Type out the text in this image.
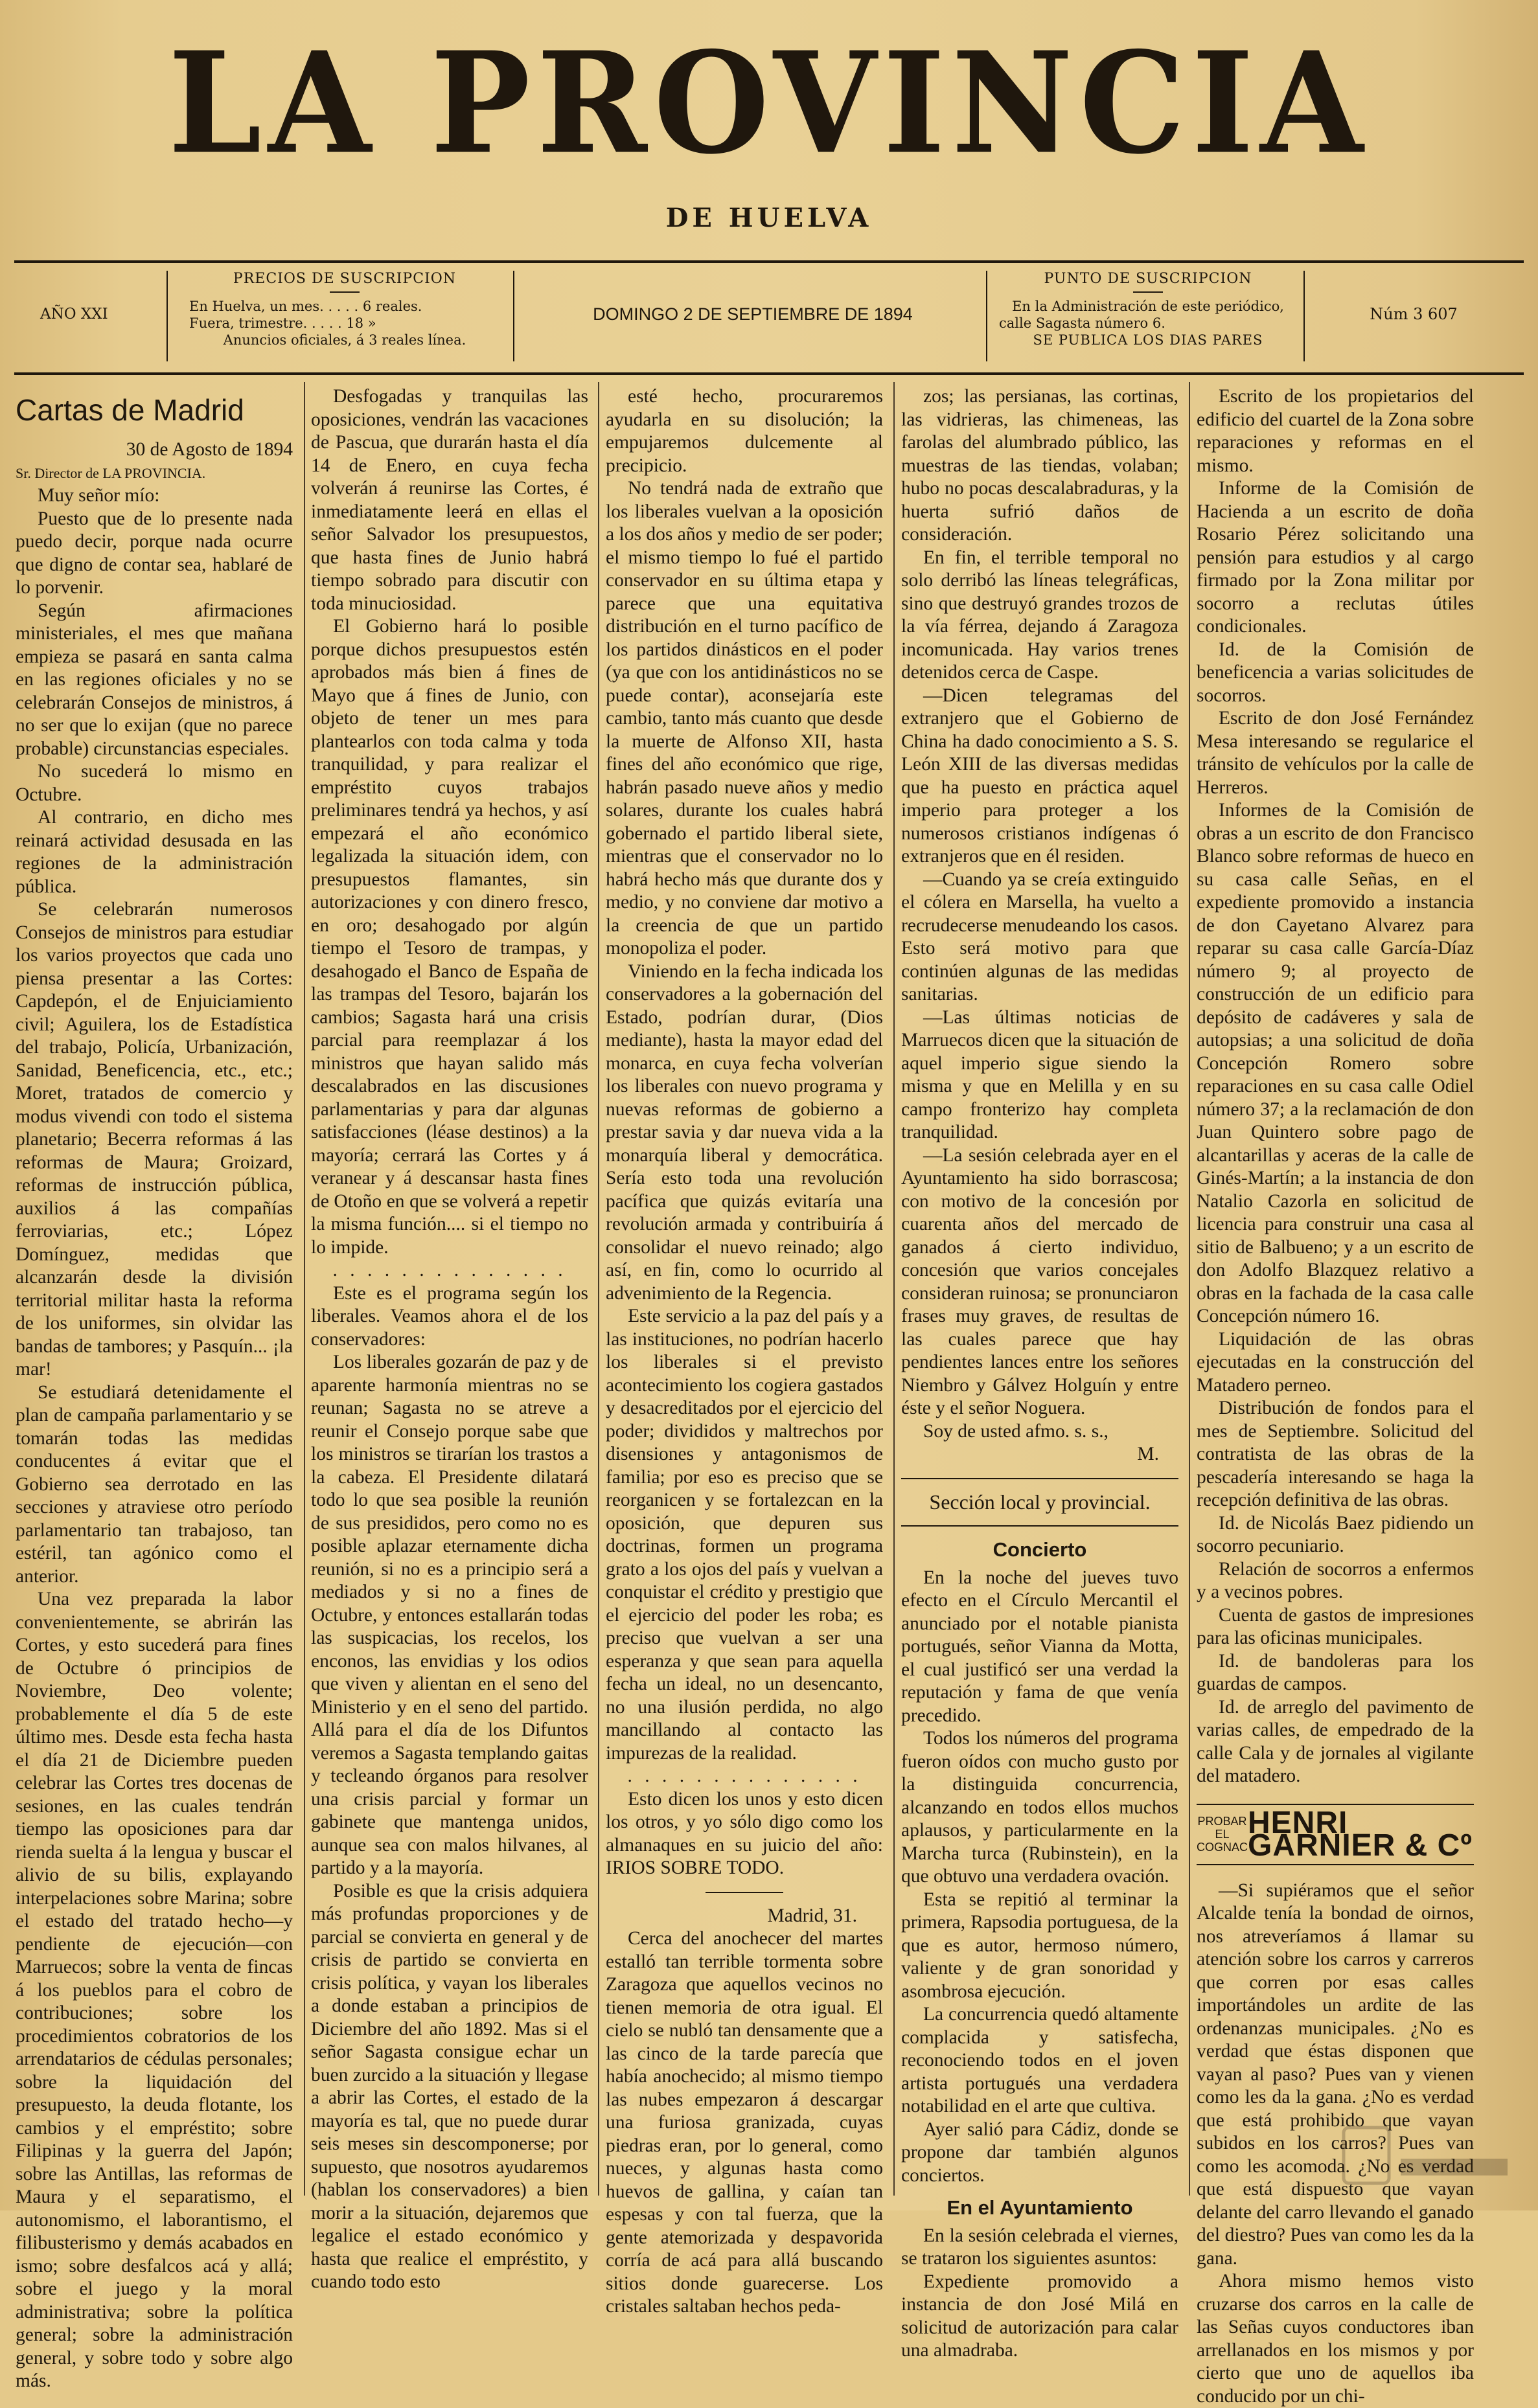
LA PROVINCIA
DE HUELVA
AÑO XXI
PRECIOS DE SUSCRIPCION
En Huelva, un mes. . . . . 6 reales.
Fuera, trimestre. . . . . 18 »
Anuncios oficiales, á 3 reales línea.
DOMINGO 2 DE SEPTIEMBRE DE 1894
PUNTO DE SUSCRIPCION
En la Administración de este periódico,
calle Sagasta número 6.
SE PUBLICA LOS DIAS PARES
Núm 3 607
Cartas de Madrid

30 de Agosto de 1894

Sr. Director de LA PROVINCIA.

Muy señor mío:

Puesto que de lo presente nada puedo decir, porque nada ocurre que digno de contar sea, hablaré de lo porvenir.

Según afirmaciones ministeriales, el mes que mañana empieza se pasará en santa calma en las regiones oficiales y no se celebrarán Consejos de ministros, á no ser que lo exijan (que no parece probable) circunstancias especiales.

No sucederá lo mismo en Octubre.

Al contrario, en dicho mes reinará actividad desusada en las regiones de la administración pública.

Se celebrarán numerosos Consejos de ministros para estudiar los varios proyectos que cada uno piensa presentar a las Cortes: Capdepón, el de Enjuiciamiento civil; Aguilera, los de Estadística del trabajo, Policía, Urbanización, Sanidad, Beneficencia, etc., etc.; Moret, tratados de comercio y modus vivendi con todo el sistema planetario; Becerra reformas á las reformas de Maura; Groizard, reformas de instrucción pública, auxilios á las compañías ferroviarias, etc.; López Domínguez, medidas que alcanzarán desde la división territorial militar hasta la reforma de los uniformes, sin olvidar las bandas de tambores; y Pasquín... ¡la mar!

Se estudiará detenidamente el plan de campaña parlamentario y se tomarán todas las medidas conducentes á evitar que el Gobierno sea derrotado en las secciones y atraviese otro período parlamentario tan trabajoso, tan estéril, tan agónico como el anterior.

Una vez preparada la labor convenientemente, se abrirán las Cortes, y esto sucederá para fines de Octubre ó principios de Noviembre, Deo volente; probablemente el día 5 de este último mes. Desde esta fecha hasta el día 21 de Diciembre pueden celebrar las Cortes tres docenas de sesiones, en las cuales tendrán tiempo las oposiciones para dar rienda suelta á la lengua y buscar el alivio de su bilis, explayando interpelaciones sobre Marina; sobre el estado del tratado hecho—y pendiente de ejecución—con Marruecos; sobre la venta de fincas á los pueblos para el cobro de contribuciones; sobre los procedimientos cobratorios de los arrendatarios de cédulas personales; sobre la liquidación del presupuesto, la deuda flotante, los cambios y el empréstito; sobre Filipinas y la guerra del Japón; sobre las Antillas, las reformas de Maura y el separatismo, el autonomismo, el laborantismo, el filibusterismo y demás acabados en ismo; sobre desfalcos acá y allá; sobre el juego y la moral administrativa; sobre la política general; sobre la administración general, y sobre todo y sobre algo más.

Desfogadas y tranquilas las oposiciones, vendrán las vacaciones de Pascua, que durarán hasta el día 14 de Enero, en cuya fecha volverán á reunirse las Cortes, é inmediatamente leerá en ellas el señor Salvador los presupuestos, que hasta fines de Junio habrá tiempo sobrado para discutir con toda minuciosidad.

El Gobierno hará lo posible porque dichos presupuestos estén aprobados más bien á fines de Mayo que á fines de Junio, con objeto de tener un mes para plantearlos con toda calma y toda tranquilidad, y para realizar el empréstito cuyos trabajos preliminares tendrá ya hechos, y así empezará el año económico legalizada la situación idem, con presupuestos flamantes, sin autorizaciones y con dinero fresco, en oro; desahogado por algún tiempo el Tesoro de trampas, y desahogado el Banco de España de las trampas del Tesoro, bajarán los cambios; Sagasta hará una crisis parcial para reemplazar á los ministros que hayan salido más descalabrados en las discusiones parlamentarias y para dar algunas satisfacciones (léase destinos) a la mayoría; cerrará las Cortes y á veranear y á descansar hasta fines de Otoño en que se volverá a repetir la misma función.... si el tiempo no lo impide.

. . . . . . . . . . . . . .

Este es el programa según los liberales. Veamos ahora el de los conservadores:

Los liberales gozarán de paz y de aparente harmonía mientras no se reunan; Sagasta no se atreve a reunir el Consejo porque sabe que los ministros se tirarían los trastos a la cabeza. El Presidente dilatará todo lo que sea posible la reunión de sus presididos, pero como no es posible aplazar eternamente dicha reunión, si no es a principio será a mediados y si no a fines de Octubre, y entonces estallarán todas las suspicacias, los recelos, los enconos, las envidias y los odios que viven y alientan en el seno del Ministerio y en el seno del partido. Allá para el día de los Difuntos veremos a Sagasta templando gaitas y tecleando órganos para resolver una crisis parcial y formar un gabinete que mantenga unidos, aunque sea con malos hilvanes, al partido y a la mayoría.

Posible es que la crisis adquiera más profundas proporciones y de parcial se convierta en general y de crisis de partido se convierta en crisis política, y vayan los liberales a donde estaban a principios de Diciembre del año 1892. Mas si el señor Sagasta consigue echar un buen zurcido a la situación y llegase a abrir las Cortes, el estado de la mayoría es tal, que no puede durar seis meses sin descomponerse; por supuesto, que nosotros ayudaremos (hablan los conservadores) a bien morir a la situación, dejaremos que legalice el estado económico y hasta que realice el empréstito, y cuando todo esto

esté hecho, procuraremos ayudarla en su disolución; la empujaremos dulcemente al precipicio.

No tendrá nada de extraño que los liberales vuelvan a la oposición a los dos años y medio de ser poder; el mismo tiempo lo fué el partido conservador en su última etapa y parece que una equitativa distribución en el turno pacífico de los partidos dinásticos en el poder (ya que con los antidinásticos no se puede contar), aconsejaría este cambio, tanto más cuanto que desde la muerte de Alfonso XII, hasta fines del año económico que rige, habrán pasado nueve años y medio solares, durante los cuales habrá gobernado el partido liberal siete, mientras que el conservador no lo habrá hecho más que durante dos y medio, y no conviene dar motivo a la creencia de que un partido monopoliza el poder.

Viniendo en la fecha indicada los conservadores a la gobernación del Estado, podrían durar, (Dios mediante), hasta la mayor edad del monarca, en cuya fecha volverían los liberales con nuevo programa y nuevas reformas de gobierno a prestar savia y dar nueva vida a la monarquía liberal y democrática. Sería esto toda una revolución pacífica que quizás evitaría una revolución armada y contribuiría á consolidar el nuevo reinado; algo así, en fin, como lo ocurrido al advenimiento de la Regencia.

Este servicio a la paz del país y a las instituciones, no podrían hacerlo los liberales si el previsto acontecimiento los cogiera gastados y desacreditados por el ejercicio del poder; divididos y maltrechos por disensiones y antagonismos de familia; por eso es preciso que se reorganicen y se fortalezcan en la oposición, que depuren sus doctrinas, formen un programa grato a los ojos del país y vuelvan a conquistar el crédito y prestigio que el ejercicio del poder les roba; es preciso que vuelvan a ser una esperanza y que sean para aquella fecha un ideal, no un desencanto, no una ilusión perdida, no algo mancillando al contacto las impurezas de la realidad.

. . . . . . . . . . . . . .

Esto dicen los unos y esto dicen los otros, y yo sólo digo como los almanaques en su juicio del año: IRIOS SOBRE TODO.

Madrid, 31.

Cerca del anochecer del martes estalló tan terrible tormenta sobre Zaragoza que aquellos vecinos no tienen memoria de otra igual. El cielo se nubló tan densamente que a las cinco de la tarde parecía que había anochecido; al mismo tiempo las nubes empezaron á descargar una furiosa granizada, cuyas piedras eran, por lo general, como nueces, y algunas hasta como huevos de gallina, y caían tan espesas y con tal fuerza, que la gente atemorizada y despavorida corría de acá para allá buscando sitios donde guarecerse. Los cristales saltaban hechos peda-

zos; las persianas, las cortinas, las vidrieras, las chimeneas, las farolas del alumbrado público, las muestras de las tiendas, volaban; hubo no pocas descalabraduras, y la huerta sufrió daños de consideración.

En fin, el terrible temporal no solo derribó las líneas telegráficas, sino que destruyó grandes trozos de la vía férrea, dejando á Zaragoza incomunicada. Hay varios trenes detenidos cerca de Caspe.

—Dicen telegramas del extranjero que el Gobierno de China ha dado conocimiento a S. S. León XIII de las diversas medidas que ha puesto en práctica aquel imperio para proteger a los numerosos cristianos indígenas ó extranjeros que en él residen.

—Cuando ya se creía extinguido el cólera en Marsella, ha vuelto a recrudecerse menudeando los casos. Esto será motivo para que continúen algunas de las medidas sanitarias.

—Las últimas noticias de Marruecos dicen que la situación de aquel imperio sigue siendo la misma y que en Melilla y en su campo fronterizo hay completa tranquilidad.

—La sesión celebrada ayer en el Ayuntamiento ha sido borrascosa; con motivo de la concesión por cuarenta años del mercado de ganados á cierto individuo, concesión que varios concejales consideran ruinosa; se pronunciaron frases muy graves, de resultas de las cuales parece que hay pendientes lances entre los señores Niembro y Gálvez Holguín y entre éste y el señor Noguera.

Soy de usted afmo. s. s.,

M.

Sección local y provincial.
Concierto

En la noche del jueves tuvo efecto en el Círculo Mercantil el anunciado por el notable pianista portugués, señor Vianna da Motta, el cual justificó ser una verdad la reputación y fama de que venía precedido.

Todos los números del programa fueron oídos con mucho gusto por la distinguida concurrencia, alcanzando en todos ellos muchos aplausos, y particularmente en la Marcha turca (Rubinstein), en la que obtuvo una verdadera ovación.

Esta se repitió al terminar la primera, Rapsodia portuguesa, de la que es autor, hermoso número, valiente y de gran sonoridad y asombrosa ejecución.

La concurrencia quedó altamente complacida y satisfecha, reconociendo todos en el joven artista portugués una verdadera notabilidad en el arte que cultiva.

Ayer salió para Cádiz, donde se propone dar también algunos conciertos.

En el Ayuntamiento

En la sesión celebrada el viernes, se trataron los siguientes asuntos:

Expediente promovido a instancia de don José Milá en solicitud de autorización para calar una almadraba.

Escrito de los propietarios del edificio del cuartel de la Zona sobre reparaciones y reformas en el mismo.

Informe de la Comisión de Hacienda a un escrito de doña Rosario Pérez solicitando una pensión para estudios y al cargo firmado por la Zona militar por socorro a reclutas útiles condicionales.

Id. de la Comisión de beneficencia a varias solicitudes de socorros.

Escrito de don José Fernández Mesa interesando se regularice el tránsito de vehículos por la calle de Herreros.

Informes de la Comisión de obras a un escrito de don Francisco Blanco sobre reformas de hueco en su casa calle Señas, en el expediente promovido a instancia de don Cayetano Alvarez para reparar su casa calle García-Díaz número 9; al proyecto de construcción de un edificio para depósito de cadáveres y sala de autopsias; a una solicitud de doña Concepción Romero sobre reparaciones en su casa calle Odiel número 37; a la reclamación de don Juan Quintero sobre pago de alcantarillas y aceras de la calle de Ginés-Martín; a la instancia de don Natalio Cazorla en solicitud de licencia para construir una casa al sitio de Balbueno; y a un escrito de don Adolfo Blazquez relativo a obras en la fachada de la casa calle Concepción número 16.

Liquidación de las obras ejecutadas en la construcción del Matadero perneo.

Distribución de fondos para el mes de Septiembre. Solicitud del contratista de las obras de la pescadería interesando se haga la recepción definitiva de las obras.

Id. de Nicolás Baez pidiendo un socorro pecuniario.

Relación de socorros a enfermos y a vecinos pobres.

Cuenta de gastos de impresiones para las oficinas municipales.

Id. de bandoleras para los guardas de campos.

Id. de arreglo del pavimento de varias calles, de empedrado de la calle Cala y de jornales al vigilante del matadero.

PROBAR EL COGNAC
HENRI GARNIER & Cº

—Si supiéramos que el señor Alcalde tenía la bondad de oirnos, nos atreveríamos á llamar su atención sobre los carros y carreros que corren por esas calles importándoles un ardite de las ordenanzas municipales. ¿No es verdad que éstas disponen que vayan al paso? Pues van y vienen como les da la gana. ¿No es verdad que está prohibido que vayan subidos en los carros? Pues van como les acomoda. ¿No es verdad que está dispuesto que vayan delante del carro llevando el ganado del diestro? Pues van como les da la gana.

Ahora mismo hemos visto cruzarse dos carros en la calle de las Señas cuyos conductores iban arrellanados en los mismos y por cierto que uno de aquellos iba conducido por un chi-
